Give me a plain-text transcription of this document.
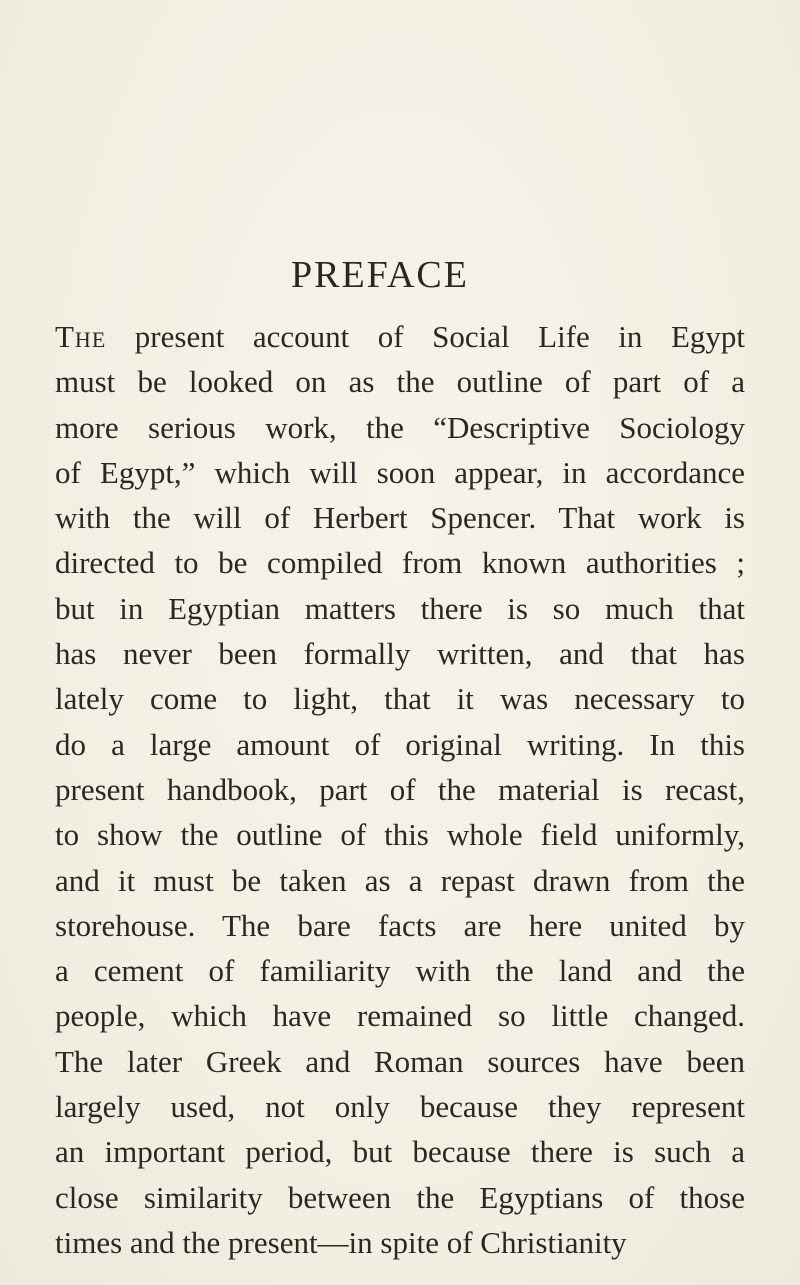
PREFACE
The present account of Social Life in Egypt
must be looked on as the outline of part of a
more serious work, the “Descriptive Sociology
of Egypt,” which will soon appear, in accordance
with the will of Herbert Spencer. That work is
directed to be compiled from known authorities ;
but in Egyptian matters there is so much that
has never been formally written, and that has
lately come to light, that it was necessary to
do a large amount of original writing. In this
present handbook, part of the material is recast,
to show the outline of this whole field uniformly,
and it must be taken as a repast drawn from the
storehouse. The bare facts are here united by
a cement of familiarity with the land and the
people, which have remained so little changed.
The later Greek and Roman sources have been
largely used, not only because they represent
an important period, but because there is such a
close similarity between the Egyptians of those
times and the present—in spite of Christianity
